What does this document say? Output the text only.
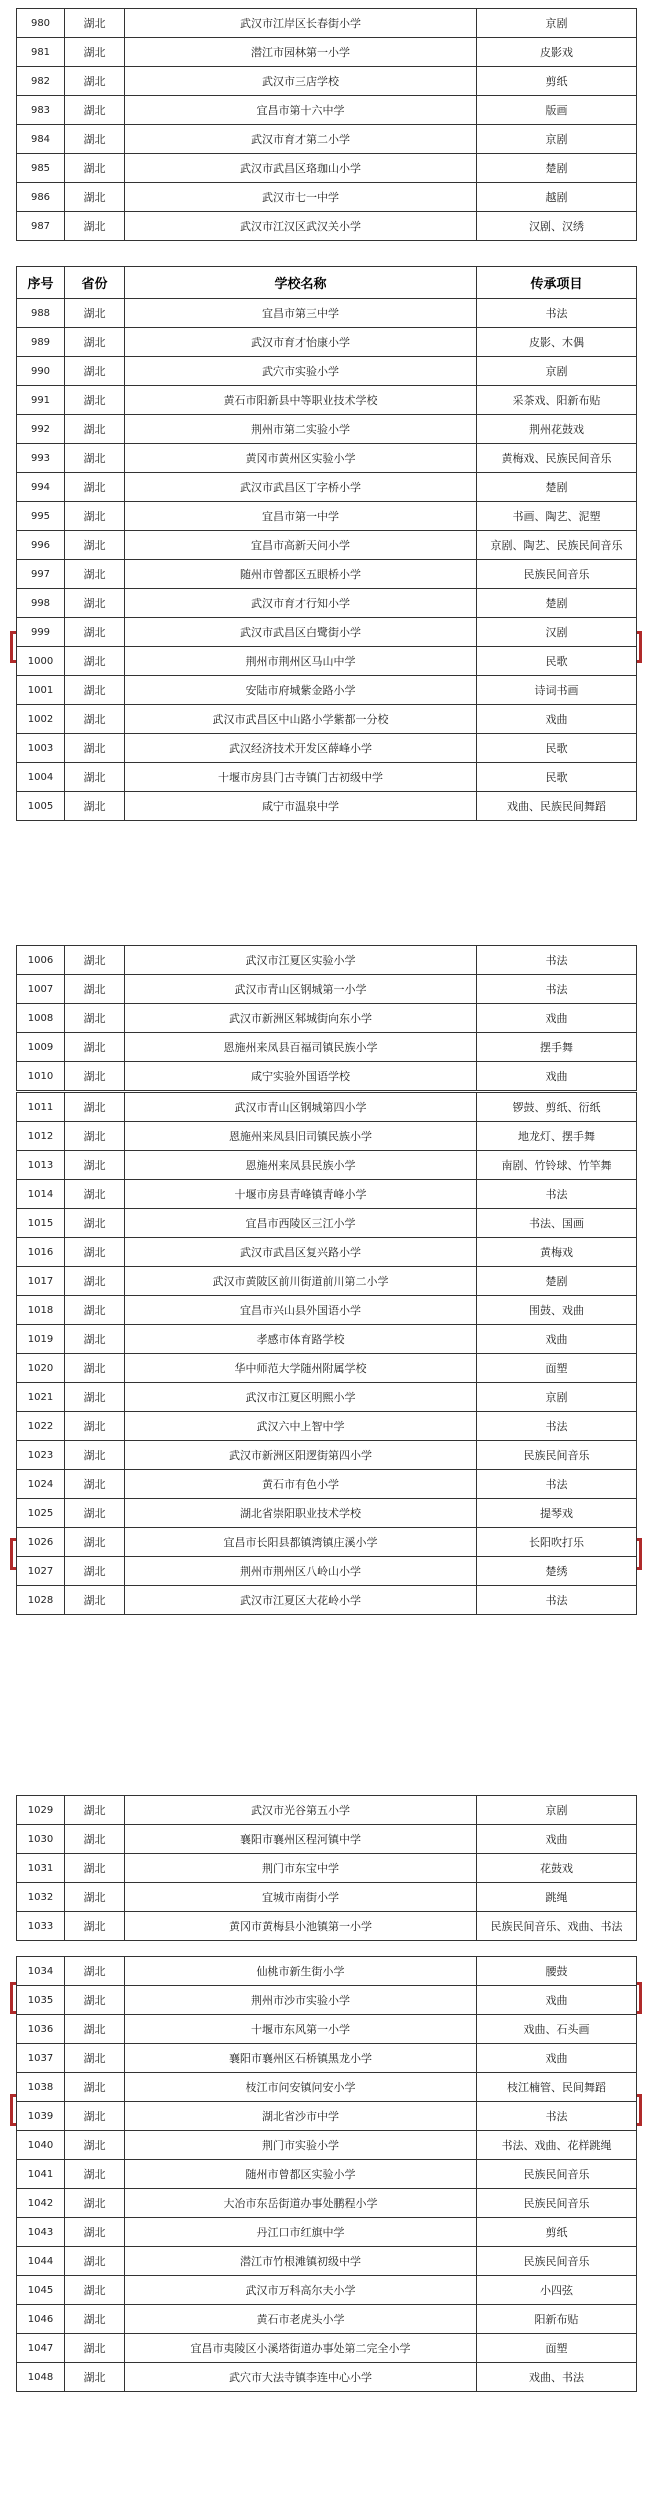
980	湖北	武汉市江岸区长春街小学	京剧
981	湖北	潜江市园林第一小学	皮影戏
982	湖北	武汉市三店学校	剪纸
983	湖北	宜昌市第十六中学	版画
984	湖北	武汉市育才第二小学	京剧
985	湖北	武汉市武昌区珞珈山小学	楚剧
986	湖北	武汉市七一中学	越剧
987	湖北	武汉市江汉区武汉关小学	汉剧、汉绣
序号	省份	学校名称	传承项目
988	湖北	宜昌市第三中学	书法
989	湖北	武汉市育才怡康小学	皮影、木偶
990	湖北	武穴市实验小学	京剧
991	湖北	黄石市阳新县中等职业技术学校	采茶戏、阳新布贴
992	湖北	荆州市第二实验小学	荆州花鼓戏
993	湖北	黄冈市黄州区实验小学	黄梅戏、民族民间音乐
994	湖北	武汉市武昌区丁字桥小学	楚剧
995	湖北	宜昌市第一中学	书画、陶艺、泥塑
996	湖北	宜昌市高新天问小学	京剧、陶艺、民族民间音乐
997	湖北	随州市曾都区五眼桥小学	民族民间音乐
998	湖北	武汉市育才行知小学	楚剧
999	湖北	武汉市武昌区白鹭街小学	汉剧
1000	湖北	荆州市荆州区马山中学	民歌
1001	湖北	安陆市府城紫金路小学	诗词书画
1002	湖北	武汉市武昌区中山路小学紫都一分校	戏曲
1003	湖北	武汉经济技术开发区薛峰小学	民歌
1004	湖北	十堰市房县门古寺镇门古初级中学	民歌
1005	湖北	咸宁市温泉中学	戏曲、民族民间舞蹈
1006	湖北	武汉市江夏区实验小学	书法
1007	湖北	武汉市青山区钢城第一小学	书法
1008	湖北	武汉市新洲区邾城街向东小学	戏曲
1009	湖北	恩施州来凤县百福司镇民族小学	摆手舞
1010	湖北	咸宁实验外国语学校	戏曲
1011	湖北	武汉市青山区钢城第四小学	锣鼓、剪纸、衍纸
1012	湖北	恩施州来凤县旧司镇民族小学	地龙灯、摆手舞
1013	湖北	恩施州来凤县民族小学	南剧、竹铃球、竹竿舞
1014	湖北	十堰市房县青峰镇青峰小学	书法
1015	湖北	宜昌市西陵区三江小学	书法、国画
1016	湖北	武汉市武昌区复兴路小学	黄梅戏
1017	湖北	武汉市黄陂区前川街道前川第二小学	楚剧
1018	湖北	宜昌市兴山县外国语小学	围鼓、戏曲
1019	湖北	孝感市体育路学校	戏曲
1020	湖北	华中师范大学随州附属学校	面塑
1021	湖北	武汉市江夏区明熙小学	京剧
1022	湖北	武汉六中上智中学	书法
1023	湖北	武汉市新洲区阳逻街第四小学	民族民间音乐
1024	湖北	黄石市有色小学	书法
1025	湖北	湖北省崇阳职业技术学校	提琴戏
1026	湖北	宜昌市长阳县都镇湾镇庄溪小学	长阳吹打乐
1027	湖北	荆州市荆州区八岭山小学	楚绣
1028	湖北	武汉市江夏区大花岭小学	书法
1029	湖北	武汉市光谷第五小学	京剧
1030	湖北	襄阳市襄州区程河镇中学	戏曲
1031	湖北	荆门市东宝中学	花鼓戏
1032	湖北	宜城市南街小学	跳绳
1033	湖北	黄冈市黄梅县小池镇第一小学	民族民间音乐、戏曲、书法
1034	湖北	仙桃市新生街小学	腰鼓
1035	湖北	荆州市沙市实验小学	戏曲
1036	湖北	十堰市东风第一小学	戏曲、石头画
1037	湖北	襄阳市襄州区石桥镇黑龙小学	戏曲
1038	湖北	枝江市问安镇问安小学	枝江楠管、民间舞蹈
1039	湖北	湖北省沙市中学	书法
1040	湖北	荆门市实验小学	书法、戏曲、花样跳绳
1041	湖北	随州市曾都区实验小学	民族民间音乐
1042	湖北	大冶市东岳街道办事处鹏程小学	民族民间音乐
1043	湖北	丹江口市红旗中学	剪纸
1044	湖北	潜江市竹根滩镇初级中学	民族民间音乐
1045	湖北	武汉市万科高尔夫小学	小四弦
1046	湖北	黄石市老虎头小学	阳新布贴
1047	湖北	宜昌市夷陵区小溪塔街道办事处第二完全小学	面塑
1048	湖北	武穴市大法寺镇李连中心小学	戏曲、书法
